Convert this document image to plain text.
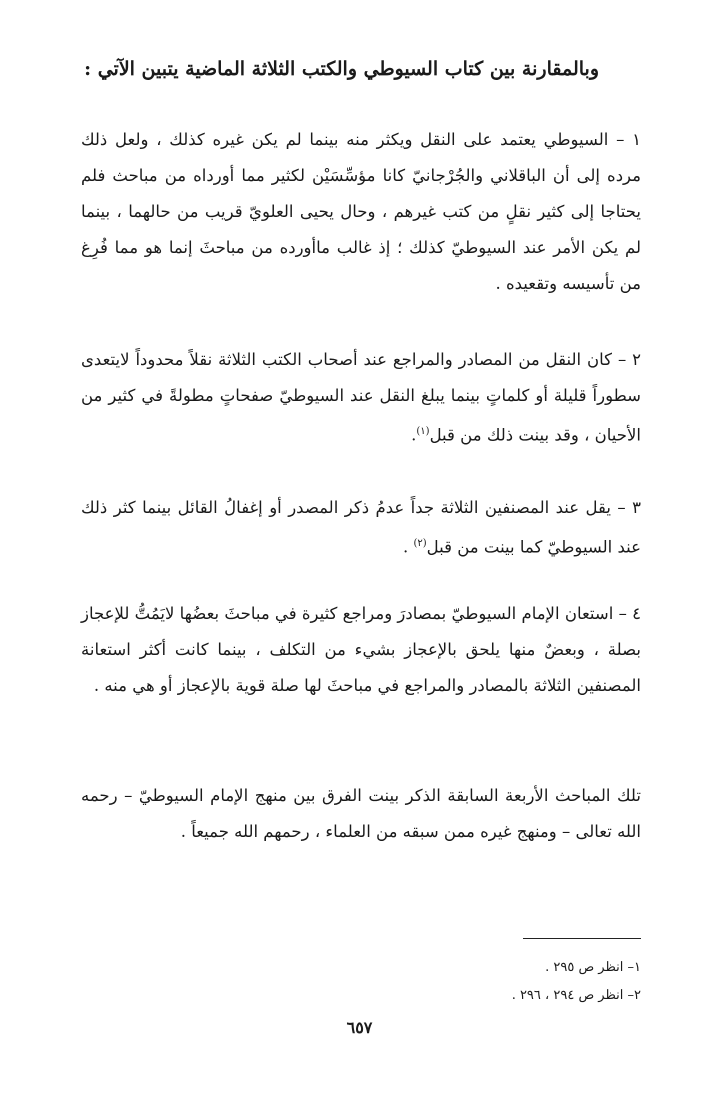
وبالمقارنة بين كتاب السيوطي والكتب الثلاثة الماضية يتبين الآتي :
١ – السيوطي يعتمد على النقل ويكثر منه بينما لم يكن غيره كذلك ، ولعل ذلك مرده إلى أن الباقلاني والجُرْجانيّ كانا مؤسِّسَيْن لكثير مما أورداه من مباحث فلم يحتاجا إلى كثير نقلٍ من كتب غيرهم ، وحال يحيى العلويّ قريب من حالهما ، بينما لم يكن الأمر عند السيوطيّ كذلك ؛ إذ غالب ماأورده من مباحثَ إنما هو مما فُرِغ من تأسيسه وتقعيده .
٢ – كان النقل من المصادر والمراجع عند أصحاب الكتب الثلاثة نقلاً محدوداً لايتعدى سطوراً قليلة أو كلماتٍ بينما يبلغ النقل عند السيوطيّ صفحاتٍ مطولةً في كثير من الأحيان ، وقد بينت ذلك من قبل$^{(١)}$.
٣ – يقل عند المصنفين الثلاثة جداً عدمُ ذكر المصدر أو إغفالُ القائل بينما كثر ذلك عند السيوطيّ كما بينت من قبل$^{(٢)}$ .
٤ – استعان الإمام السيوطيّ بمصادرَ ومراجع كثيرة في مباحثَ بعضُها لايَمُتُّ للإعجاز بصلة ، وبعضٌ منها يلحق بالإعجاز بشيء من التكلف ، بينما كانت أكثر استعانة المصنفين الثلاثة بالمصادر والمراجع في مباحثَ لها صلة قوية بالإعجاز أو هي منه .
تلك المباحث الأربعة السابقة الذكر بينت الفرق بين منهج الإمام السيوطيّ – رحمه الله تعالى – ومنهج غيره ممن سبقه من العلماء ، رحمهم الله جميعاً .
١– انظر ص ٢٩٥ .
٢– انظر ص ٢٩٤ ، ٢٩٦ .
٦٥٧
